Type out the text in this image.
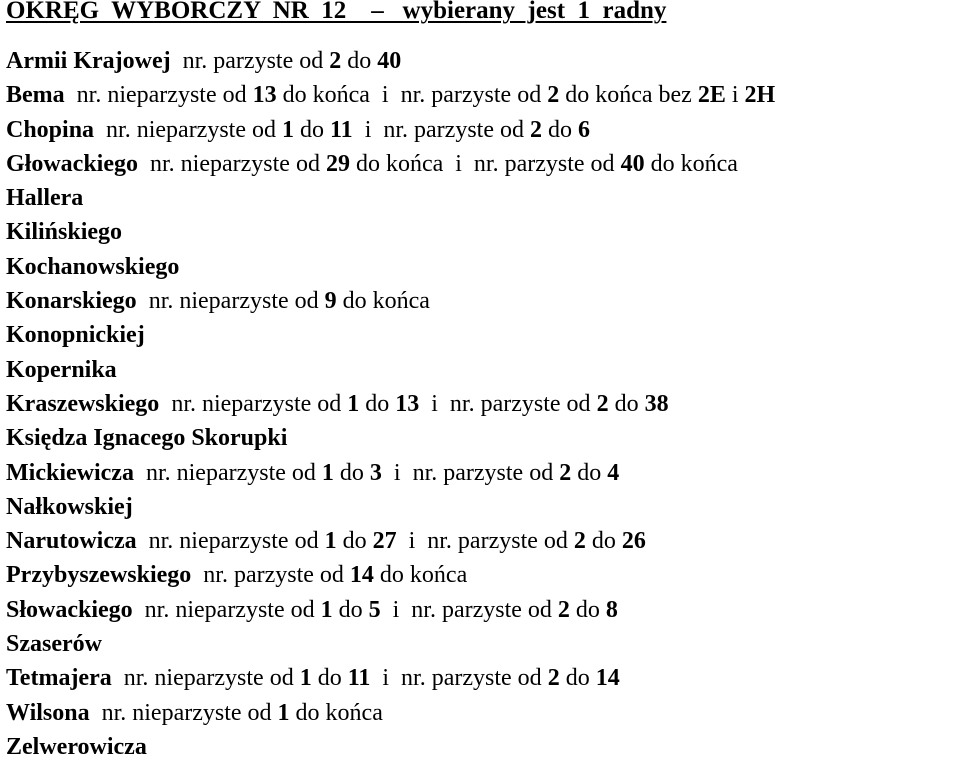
OKRĘG  WYBORCZY  NR  12    –   wybierany  jest  1  radny
Armii Krajowej  nr. parzyste od 2 do 40
Bema  nr. nieparzyste od 13 do końca  i  nr. parzyste od 2 do końca bez 2E i 2H
Chopina  nr. nieparzyste od 1 do 11  i  nr. parzyste od 2 do 6
Głowackiego  nr. nieparzyste od 29 do końca  i  nr. parzyste od 40 do końca
Hallera
Kilińskiego
Kochanowskiego
Konarskiego  nr. nieparzyste od 9 do końca
Konopnickiej
Kopernika
Kraszewskiego  nr. nieparzyste od 1 do 13  i  nr. parzyste od 2 do 38
Księdza Ignacego Skorupki
Mickiewicza  nr. nieparzyste od 1 do 3  i  nr. parzyste od 2 do 4
Nałkowskiej
Narutowicza  nr. nieparzyste od 1 do 27  i  nr. parzyste od 2 do 26
Przybyszewskiego  nr. parzyste od 14 do końca
Słowackiego  nr. nieparzyste od 1 do 5  i  nr. parzyste od 2 do 8
Szaserów
Tetmajera  nr. nieparzyste od 1 do 11  i  nr. parzyste od 2 do 14
Wilsona  nr. nieparzyste od 1 do końca
Zelwerowicza
